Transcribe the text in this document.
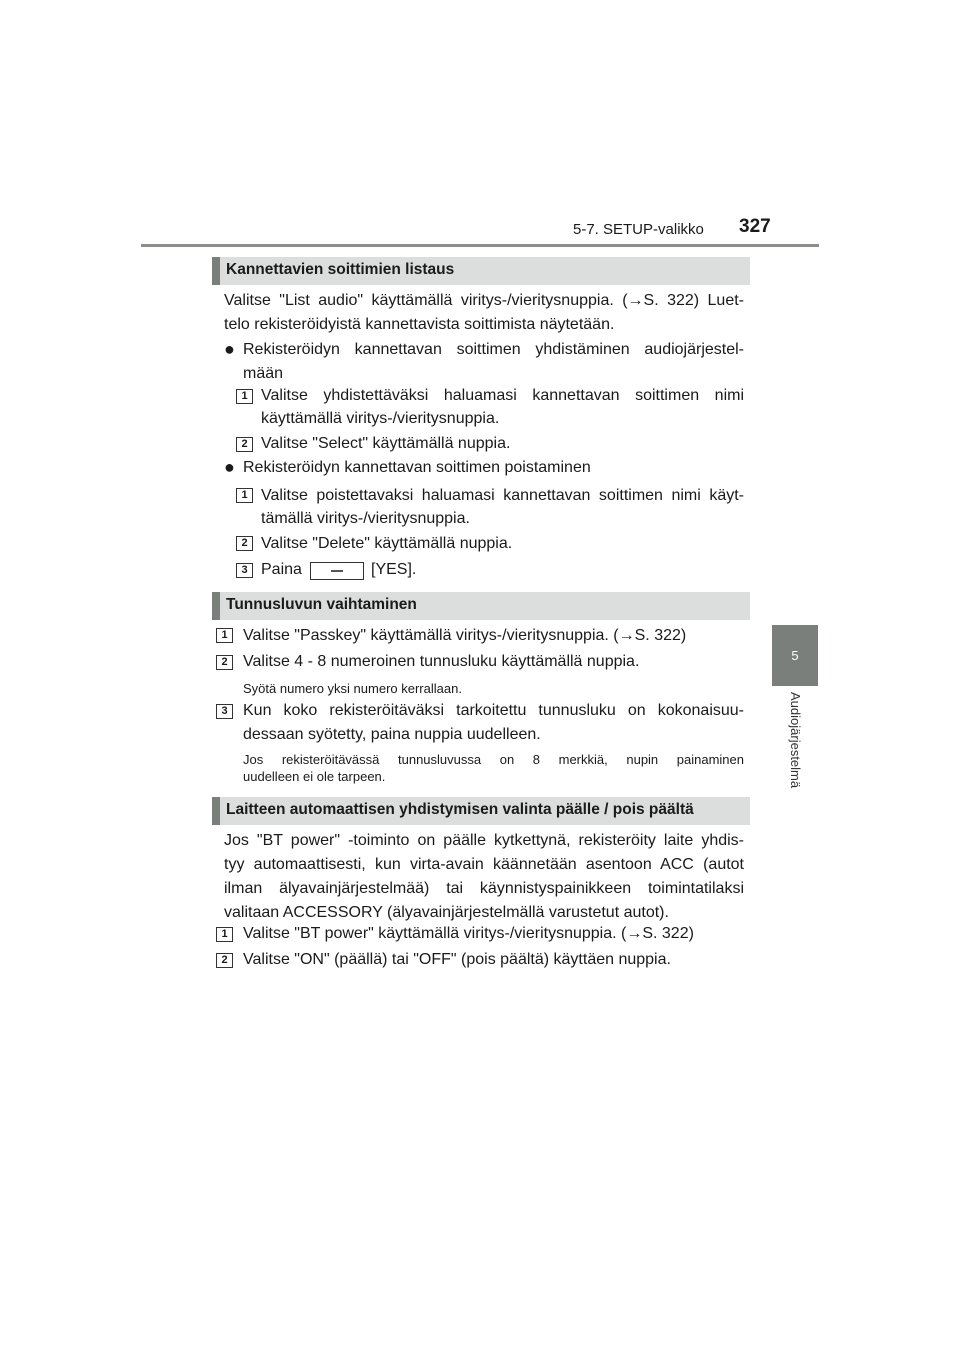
5-7. SETUP-valikko 327
5
Audiojärjestelmä
Kannettavien soittimien listaus
Valitse "List audio" käyttämällä viritys-/vieritysnuppia. (→S. 322) Luet-
telo rekisteröidyistä kannettavista soittimista näytetään.
● Rekisteröidyn kannettavan soittimen yhdistäminen audiojärjestel-
mään
1 Valitse yhdistettäväksi haluamasi kannettavan soittimen nimi
käyttämällä viritys-/vieritysnuppia.
2 Valitse "Select" käyttämällä nuppia.
● Rekisteröidyn kannettavan soittimen poistaminen
1 Valitse poistettavaksi haluamasi kannettavan soittimen nimi käyt-
tämällä viritys-/vieritysnuppia.
2 Valitse "Delete" käyttämällä nuppia.
3 Paina	[YES].
Tunnusluvun vaihtaminen
1 Valitse "Passkey" käyttämällä viritys-/vieritysnuppia. (→S. 322)
2 Valitse 4 - 8 numeroinen tunnusluku käyttämällä nuppia.
Syötä numero yksi numero kerrallaan.
3 Kun koko rekisteröitäväksi tarkoitettu tunnusluku on kokonaisuu-
dessaan syötetty, paina nuppia uudelleen.
Jos rekisteröitävässä tunnusluvussa on 8 merkkiä, nupin painaminen
uudelleen ei ole tarpeen.
Laitteen automaattisen yhdistymisen valinta päälle / pois päältä
Jos "BT power" -toiminto on päälle kytkettynä, rekisteröity laite yhdis-
tyy automaattisesti, kun virta-avain käännetään asentoon ACC (autot
ilman älyavainjärjestelmää) tai käynnistyspainikkeen toimintatilaksi
valitaan ACCESSORY (älyavainjärjestelmällä varustetut autot).
1 Valitse "BT power" käyttämällä viritys-/vieritysnuppia. (→S. 322)
2 Valitse "ON" (päällä) tai "OFF" (pois päältä) käyttäen nuppia.
